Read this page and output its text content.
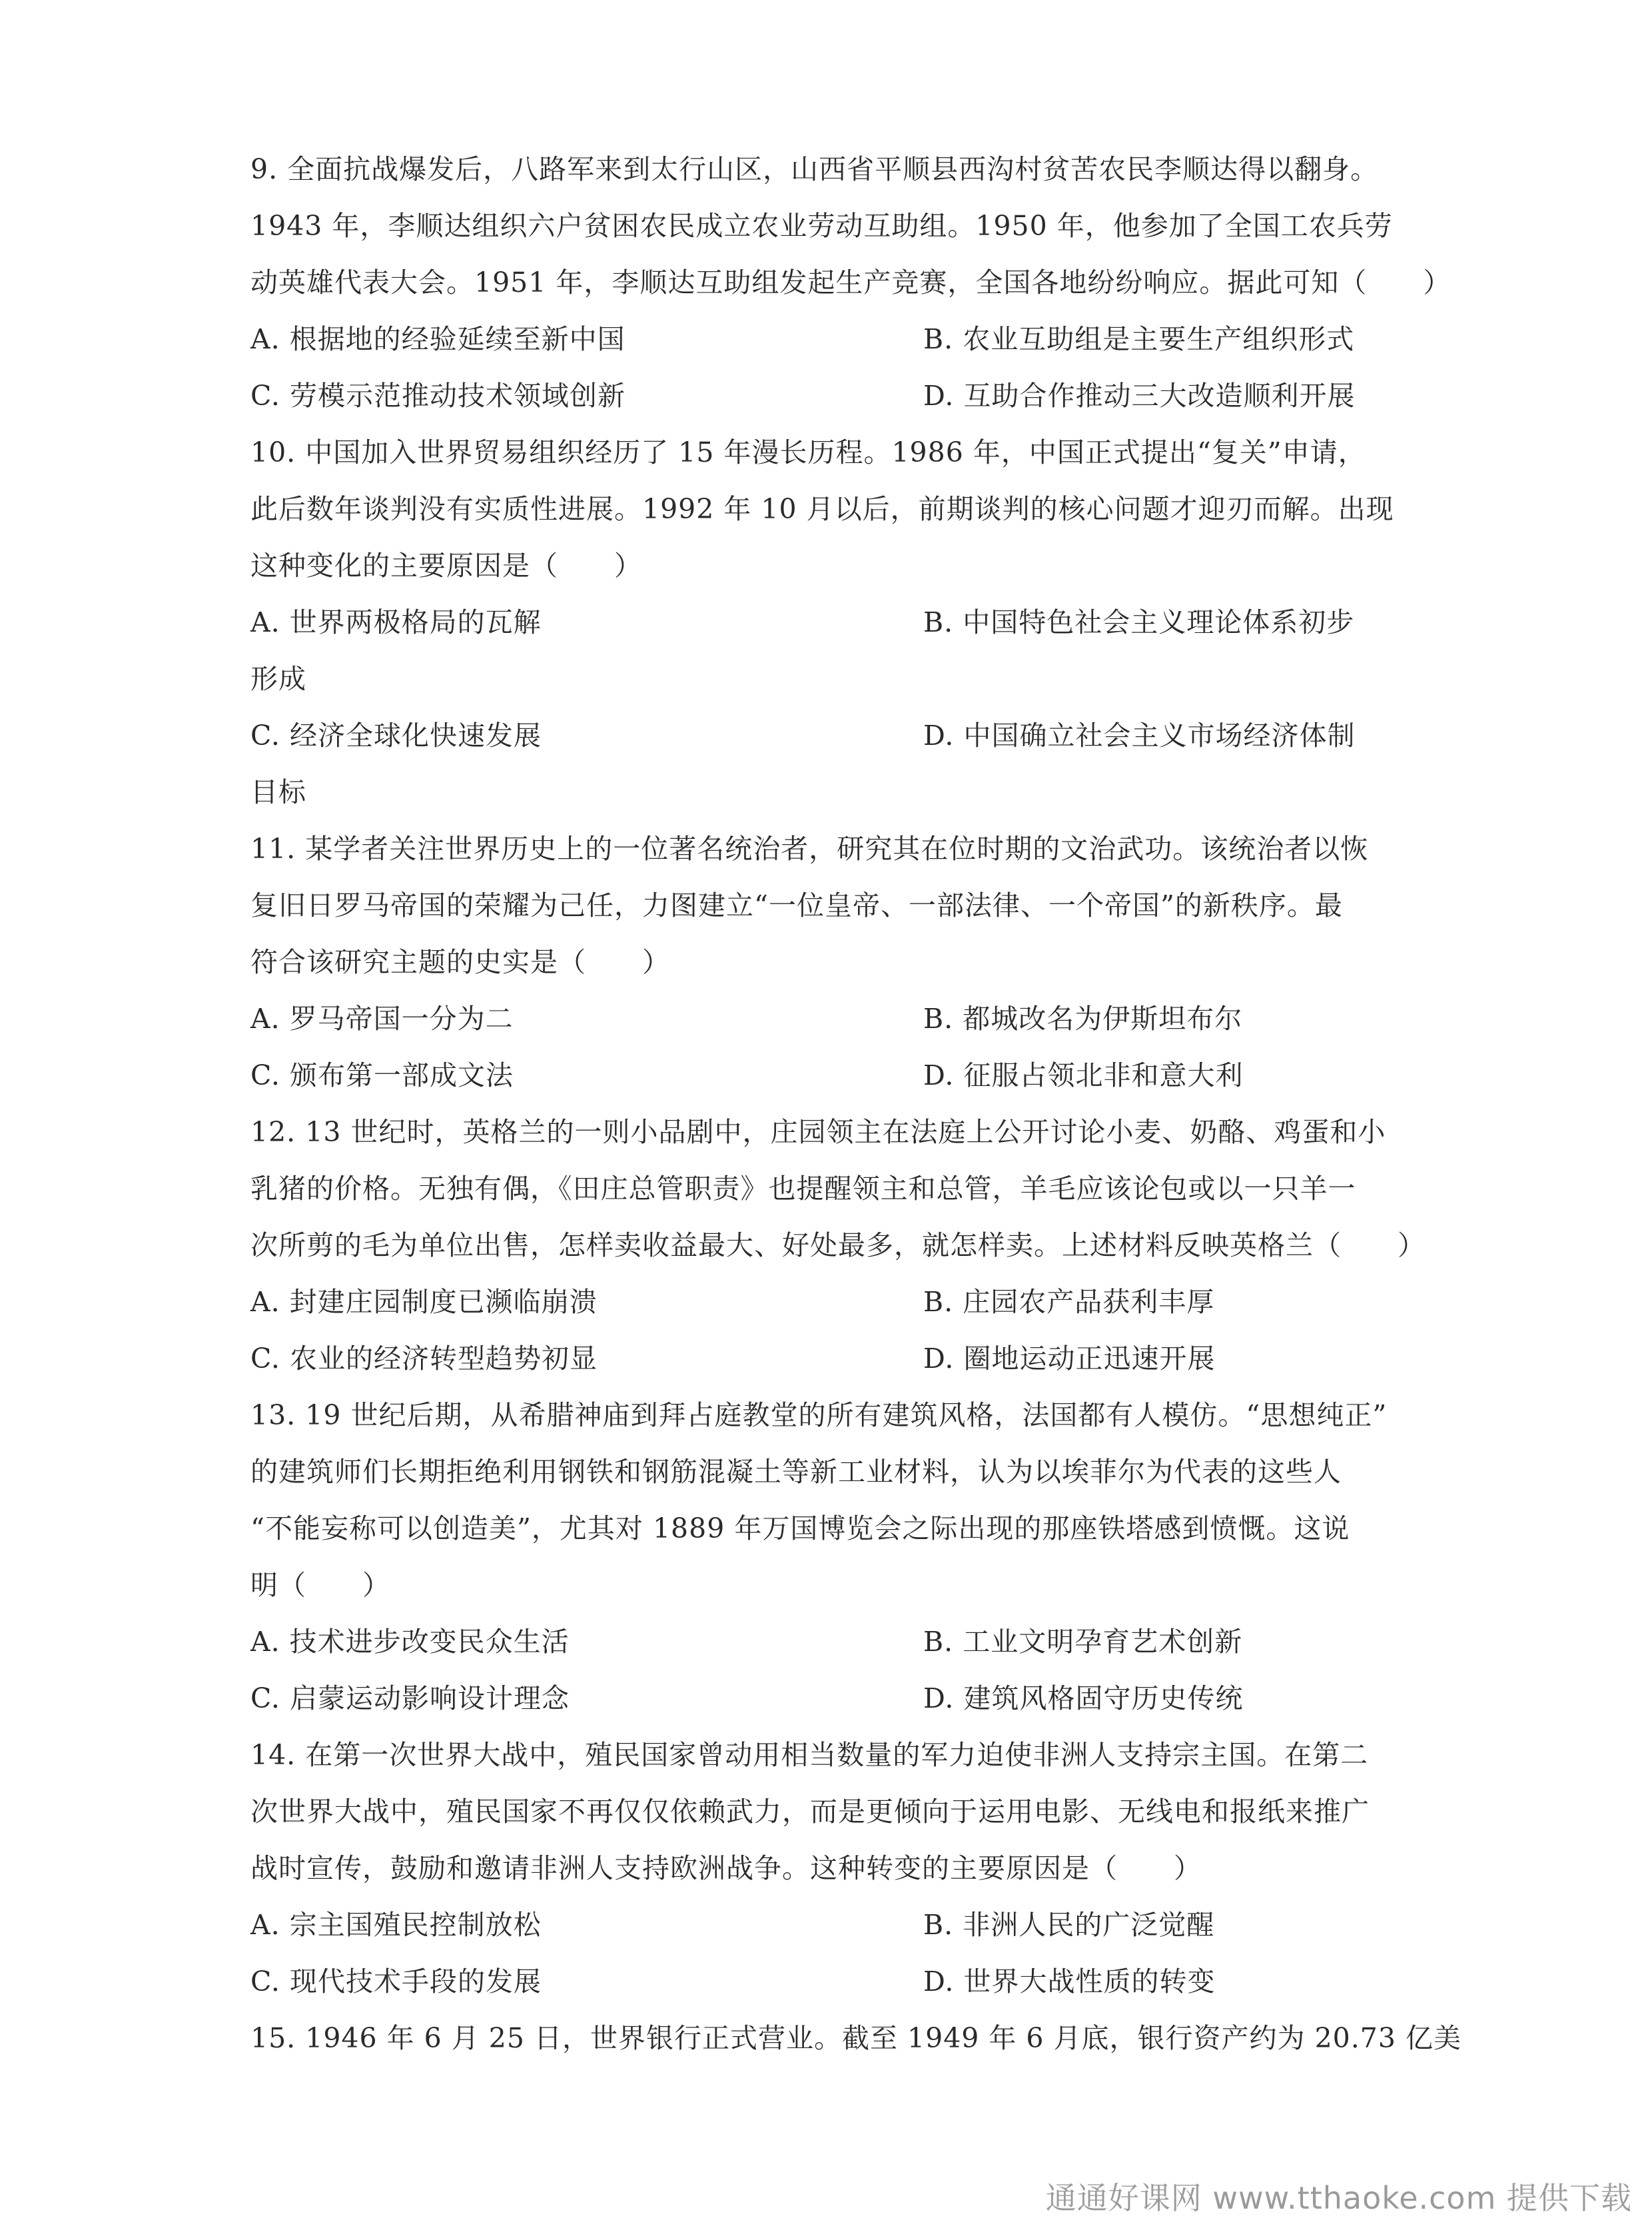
9. 全面抗战爆发后，八路军来到太行山区，山西省平顺县西沟村贫苦农民李顺达得以翻身。
1943 年，李顺达组织六户贫困农民成立农业劳动互助组。1950 年，他参加了全国工农兵劳
动英雄代表大会。1951 年，李顺达互助组发起生产竞赛，全国各地纷纷响应。据此可知（　　）
A. 根据地的经验延续至新中国	B. 农业互助组是主要生产组织形式
C. 劳模示范推动技术领域创新	D. 互助合作推动三大改造顺利开展
10. 中国加入世界贸易组织经历了 15 年漫长历程。1986 年，中国正式提出“复关”申请，
此后数年谈判没有实质性进展。1992 年 10 月以后，前期谈判的核心问题才迎刃而解。出现
这种变化的主要原因是（　　）
A. 世界两极格局的瓦解	B. 中国特色社会主义理论体系初步
形成
C. 经济全球化快速发展	D. 中国确立社会主义市场经济体制
目标
11. 某学者关注世界历史上的一位著名统治者，研究其在位时期的文治武功。该统治者以恢
复旧日罗马帝国的荣耀为己任，力图建立“一位皇帝、一部法律、一个帝国”的新秩序。最
符合该研究主题的史实是（　　）
A. 罗马帝国一分为二	B. 都城改名为伊斯坦布尔
C. 颁布第一部成文法	D. 征服占领北非和意大利
12. 13 世纪时，英格兰的一则小品剧中，庄园领主在法庭上公开讨论小麦、奶酪、鸡蛋和小
乳猪的价格。无独有偶，《田庄总管职责》也提醒领主和总管，羊毛应该论包或以一只羊一
次所剪的毛为单位出售，怎样卖收益最大、好处最多，就怎样卖。上述材料反映英格兰（　　）
A. 封建庄园制度已濒临崩溃	B. 庄园农产品获利丰厚
C. 农业的经济转型趋势初显	D. 圈地运动正迅速开展
13. 19 世纪后期，从希腊神庙到拜占庭教堂的所有建筑风格，法国都有人模仿。“思想纯正”
的建筑师们长期拒绝利用钢铁和钢筋混凝土等新工业材料，认为以埃菲尔为代表的这些人
“不能妄称可以创造美”，尤其对 1889 年万国博览会之际出现的那座铁塔感到愤慨。这说
明（　　）
A. 技术进步改变民众生活	B. 工业文明孕育艺术创新
C. 启蒙运动影响设计理念	D. 建筑风格固守历史传统
14. 在第一次世界大战中，殖民国家曾动用相当数量的军力迫使非洲人支持宗主国。在第二
次世界大战中，殖民国家不再仅仅依赖武力，而是更倾向于运用电影、无线电和报纸来推广
战时宣传，鼓励和邀请非洲人支持欧洲战争。这种转变的主要原因是（　　）
A. 宗主国殖民控制放松	B. 非洲人民的广泛觉醒
C. 现代技术手段的发展	D. 世界大战性质的转变
15. 1946 年 6 月 25 日，世界银行正式营业。截至 1949 年 6 月底，银行资产约为 20.73 亿美
通通好课网 www.tthaoke.com 提供下载
